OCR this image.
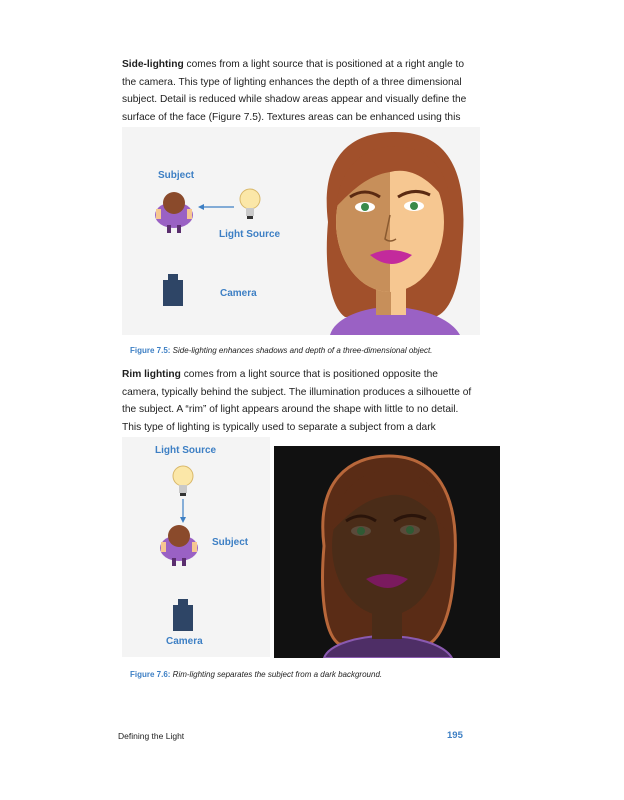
Side-lighting comes from a light source that is positioned at a right angle to the camera. This type of lighting enhances the depth of a three dimensional subject. Detail is reduced while shadow areas appear and visually define the surface of the face (Figure 7.5). Textures areas can be enhanced using this
Subject
Light Source
Camera
Figure 7.5: Side-lighting enhances shadows and depth of a three-dimensional object.
Rim lighting comes from a light source that is positioned opposite the camera, typically behind the subject. The illumination produces a silhouette of the subject. A “rim” of light appears around the shape with little to no detail. This type of lighting is typically used to separate a subject from a dark
Light Source
Subject
Camera
Figure 7.6: Rim-lighting separates the subject from a dark background.
Defining the Light	195
